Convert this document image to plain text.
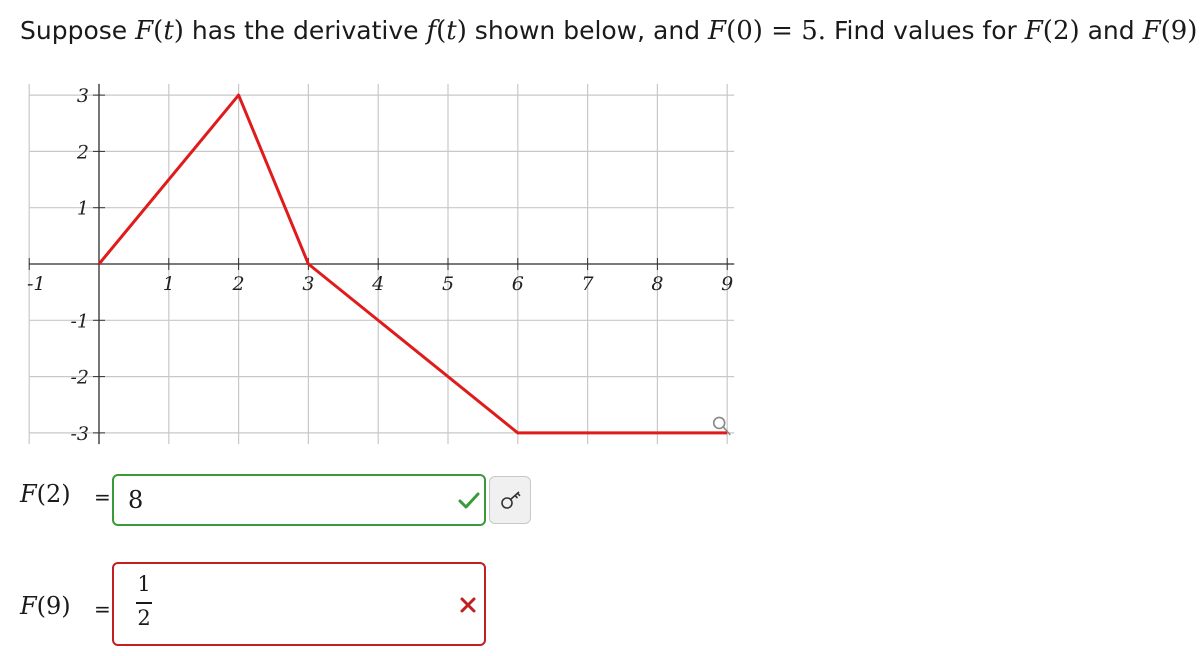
Suppose F(t) has the derivative f(t) shown below, and F(0) = 5. Find values for F(2) and F(9)
-1	1	2	3	4	5	6	7	8	9
3
2
1
-1
-2
-3
F(2) = 8
F(9) =
1
2
